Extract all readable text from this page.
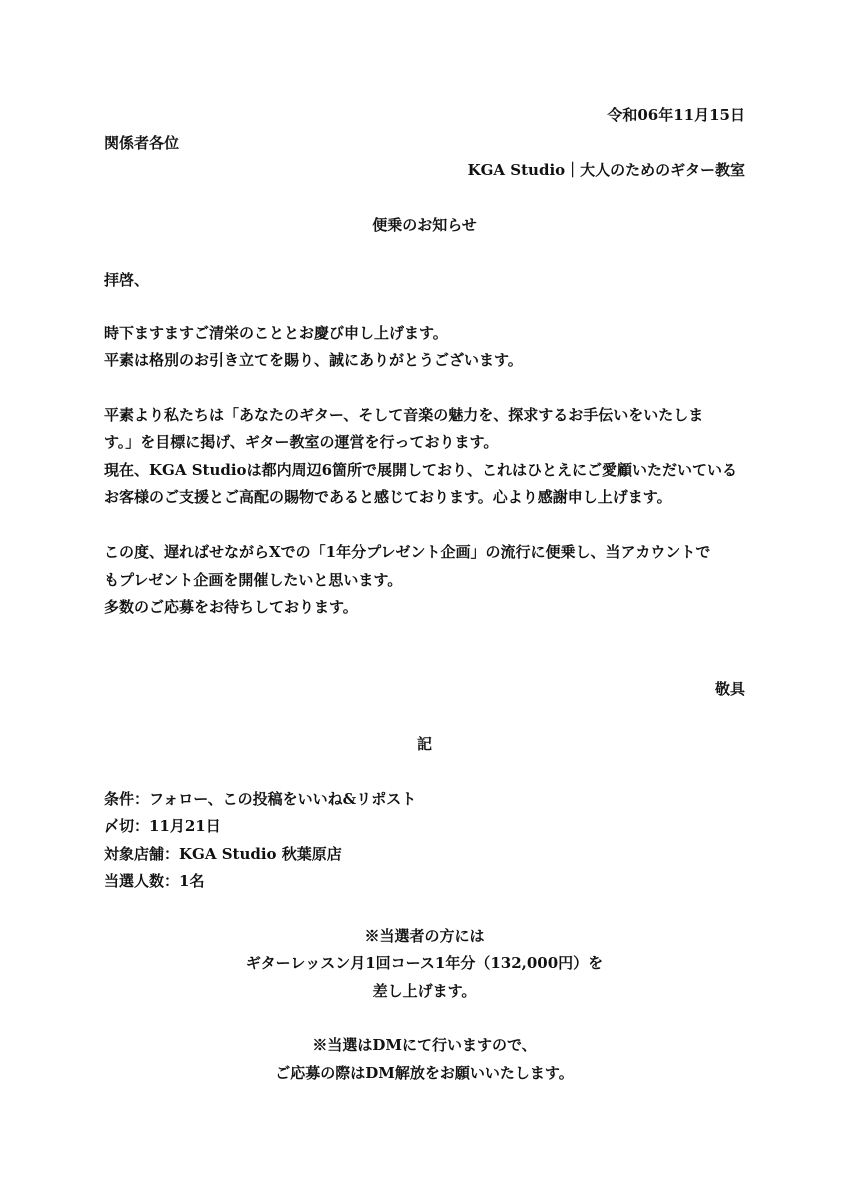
令和06年11月15日
関係者各位
KGA Studio｜大人のためのギター教室
便乗のお知らせ
拝啓、
時下ますますご清栄のこととお慶び申し上げます。
平素は格別のお引き立てを賜り、誠にありがとうございます。
平素より私たちは「あなたのギター、そして音楽の魅力を、探求するお手伝いをいたしま
す。」を目標に掲げ、ギター教室の運営を行っております。
現在、KGA Studioは都内周辺6箇所で展開しており、これはひとえにご愛顧いただいている
お客様のご支援とご高配の賜物であると感じております。心より感謝申し上げます。
この度、遅ればせながらXでの「1年分プレゼント企画」の流行に便乗し、当アカウントで
もプレゼント企画を開催したいと思います。
多数のご応募をお待ちしております。
敬具
記
条件：フォロー、この投稿をいいね&リポスト
〆切：11月21日
対象店舗：KGA Studio 秋葉原店
当選人数：1名
※当選者の方には
ギターレッスン月1回コース1年分（132,000円）を
差し上げます。
※当選はDMにて行いますので、
ご応募の際はDM解放をお願いいたします。
